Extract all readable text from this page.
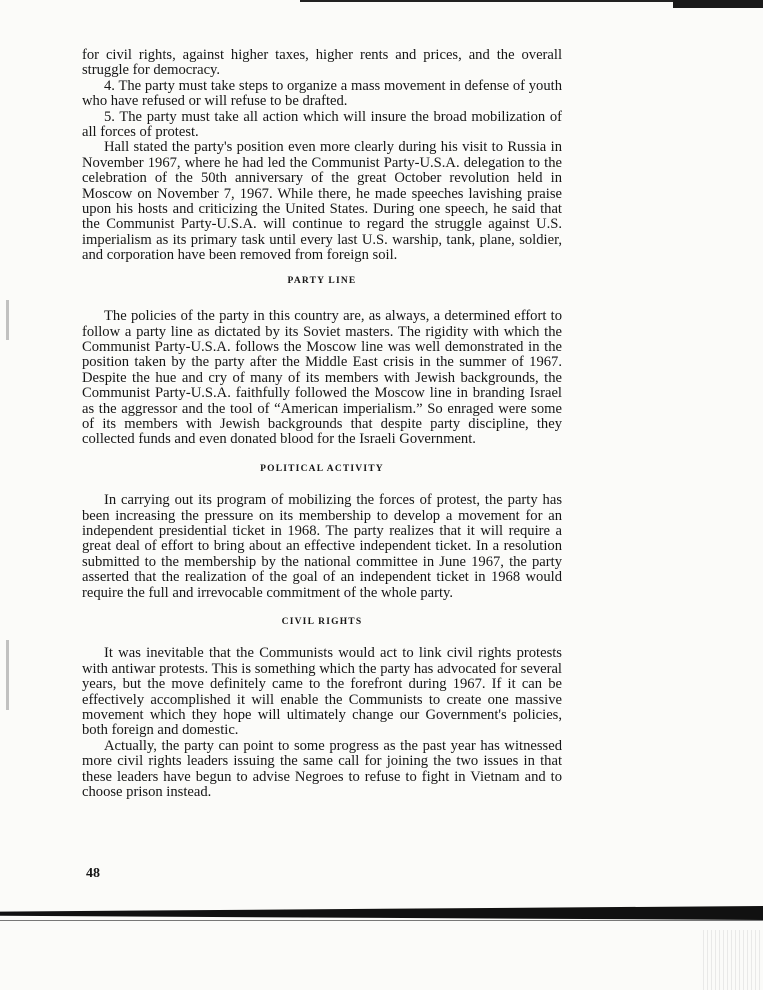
for civil rights, against higher taxes, higher rents and prices, and the overall struggle for democracy.

4. The party must take steps to organize a mass movement in defense of youth who have refused or will refuse to be drafted.

5. The party must take all action which will insure the broad mobilization of all forces of protest.

Hall stated the party's position even more clearly during his visit to Russia in November 1967, where he had led the Communist Party-U.S.A. delegation to the celebration of the 50th anniversary of the great October revolution held in Moscow on November 7, 1967. While there, he made speeches lavishing praise upon his hosts and criticizing the United States. During one speech, he said that the Communist Party-U.S.A. will continue to regard the struggle against U.S. imperialism as its primary task until every last U.S. warship, tank, plane, soldier, and corporation have been removed from foreign soil.

PARTY LINE

The policies of the party in this country are, as always, a determined effort to follow a party line as dictated by its Soviet masters. The rigidity with which the Communist Party-U.S.A. follows the Moscow line was well demonstrated in the position taken by the party after the Middle East crisis in the summer of 1967. Despite the hue and cry of many of its members with Jewish backgrounds, the Communist Party-U.S.A. faithfully followed the Moscow line in branding Israel as the aggressor and the tool of “American imperialism.” So enraged were some of its members with Jewish backgrounds that despite party discipline, they collected funds and even donated blood for the Israeli Government.

POLITICAL ACTIVITY

In carrying out its program of mobilizing the forces of protest, the party has been increasing the pressure on its membership to develop a movement for an independent presidential ticket in 1968. The party realizes that it will require a great deal of effort to bring about an effective independent ticket. In a resolution submitted to the membership by the national committee in June 1967, the party asserted that the realization of the goal of an independent ticket in 1968 would require the full and irrevocable commitment of the whole party.

CIVIL RIGHTS

It was inevitable that the Communists would act to link civil rights protests with antiwar protests. This is something which the party has advocated for several years, but the move definitely came to the forefront during 1967. If it can be effectively accomplished it will enable the Communists to create one massive movement which they hope will ultimately change our Government's policies, both foreign and domestic.

Actually, the party can point to some progress as the past year has witnessed more civil rights leaders issuing the same call for joining the two issues in that these leaders have begun to advise Negroes to refuse to fight in Vietnam and to choose prison instead.

48
